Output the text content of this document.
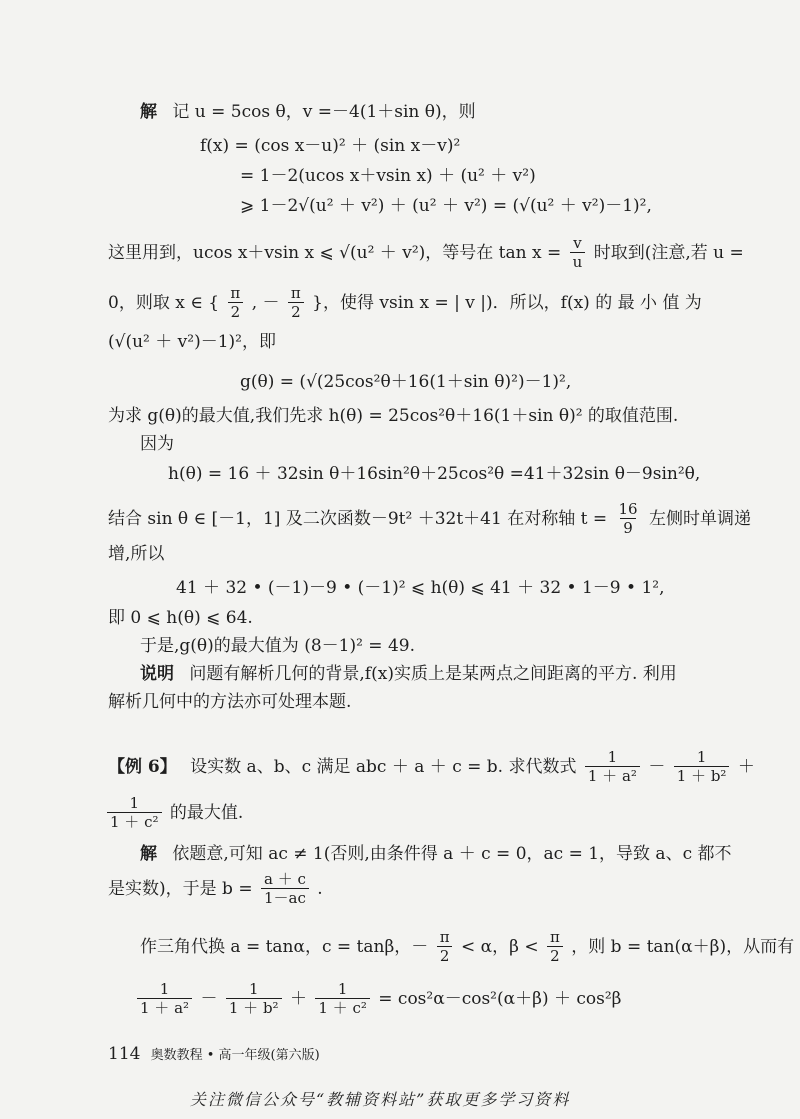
解 记 u = 5cos θ，v =－4(1＋sin θ)，则
f(x) = (cos x－u)² ＋ (sin x－v)²
= 1－2(ucos x＋vsin x) ＋ (u² ＋ v²)
⩾ 1－2√(u² ＋ v²) ＋ (u² ＋ v²) = (√(u² ＋ v²)－1)²,
这里用到，ucos x＋vsin x ⩽ √(u² ＋ v²)，等号在 $\tan x = \frac{v}{u}$ 时取到(注意,若 u =
0，则取 x ∈ { $\frac{\pi}{2}$ , － $\frac{\pi}{2}$ }，使得 vsin x = | v |)．所以，f(x) 的 最 小 值 为
(√(u² ＋ v²)－1)²，即
g(θ) = (√(25cos²θ＋16(1＋sin θ)²)－1)²,
为求 g(θ)的最大值,我们先求 h(θ) = 25cos²θ＋16(1＋sin θ)² 的取值范围.
因为
h(θ) = 16 ＋ 32sin θ＋16sin²θ＋25cos²θ =41＋32sin θ－9sin²θ,
结合 sin θ ∈ [－1，1] 及二次函数－9t² ＋32t＋41 在对称轴 $t = \frac{16}{9}$ 左侧时单调递
增,所以
41 ＋ 32 • (－1)－9 • (－1)² ⩽ h(θ) ⩽ 41 ＋ 32 • 1－9 • 1²,
即 0 ⩽ h(θ) ⩽ 64.
于是,g(θ)的最大值为 (8－1)² = 49.
说明 问题有解析几何的背景,f(x)实质上是某两点之间距离的平方. 利用
解析几何中的方法亦可处理本题.
【例 6】 设实数 a、b、c 满足 abc ＋ a ＋ c = b. 求代数式 $\frac{1}{\text{1 ＋ a²}} - \frac{1}{\text{1 ＋ b²}}$ ＋
$\frac{1}{\text{1 ＋ c²}}$ 的最大值.
解 依题意,可知 ac ≠ 1(否则,由条件得 a ＋ c = 0，ac = 1，导致 a、c 都不
是实数)，于是 $b = \frac{a + c}{1-ac}$ .
作三角代换 a = tanα，c = tanβ，－ $\frac{\pi}{2} < \alpha$，$\beta < \frac{\pi}{2}$ ，则 b = tan(α＋β)，从而有
$\frac{1}{\text{1 ＋ a²}} - \frac{1}{\text{1 ＋ b²}} + \frac{1}{\text{1 ＋ c²}} = \cos^2\alpha-\cos^2(\alpha+\beta) + \cos^2\beta$
114 奥数教程 • 高一年级(第六版)
关注微信公众号“教辅资料站”获取更多学习资料
